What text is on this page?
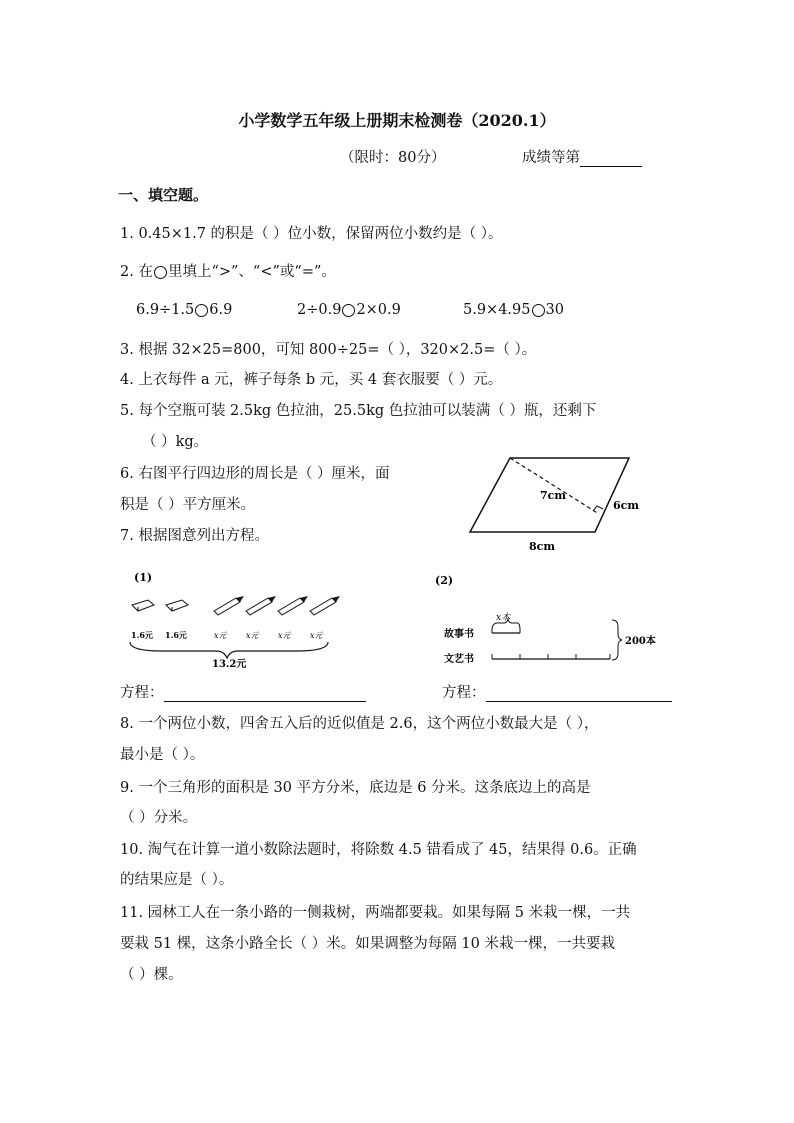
小学数学五年级上册期末检测卷（2020.1）
（限时：80分）	成绩等第
一、填空题。
1. 0.45×1.7 的积是（ ）位小数，保留两位小数约是（ ）。
2. 在 里填上“>”、“<”或“=”。
6.9÷1.5 6.9	2÷0.9 2×0.9	5.9×4.95 30
3. 根据 32×25=800，可知 800÷25=（ ），320×2.5=（ ）。
4. 上衣每件 a 元，裤子每条 b 元，买 4 套衣服要（ ）元。
5. 每个空瓶可装 2.5kg 色拉油，25.5kg 色拉油可以装满（ ）瓶，还剩下
（ ）kg。
6. 右图平行四边形的周长是（ ）厘米，面
积是（ ）平方厘米。
7cm
6cm
8cm
7. 根据图意列出方程。
(1)
1.6元 1.6元	x元 x元 x元 x元
13.2元
(2)
x本
故事书
文艺书
200本
方程：	方程：
8. 一个两位小数，四舍五入后的近似值是 2.6，这个两位小数最大是（ ），
最小是（ ）。
9. 一个三角形的面积是 30 平方分米，底边是 6 分米。这条底边上的高是
（ ）分米。
10. 淘气在计算一道小数除法题时，将除数 4.5 错看成了 45，结果得 0.6。正确
的结果应是（ ）。
11. 园林工人在一条小路的一侧栽树，两端都要栽。如果每隔 5 米栽一棵，一共
要栽 51 棵，这条小路全长（ ）米。如果调整为每隔 10 米栽一棵，一共要栽
（ ）棵。
